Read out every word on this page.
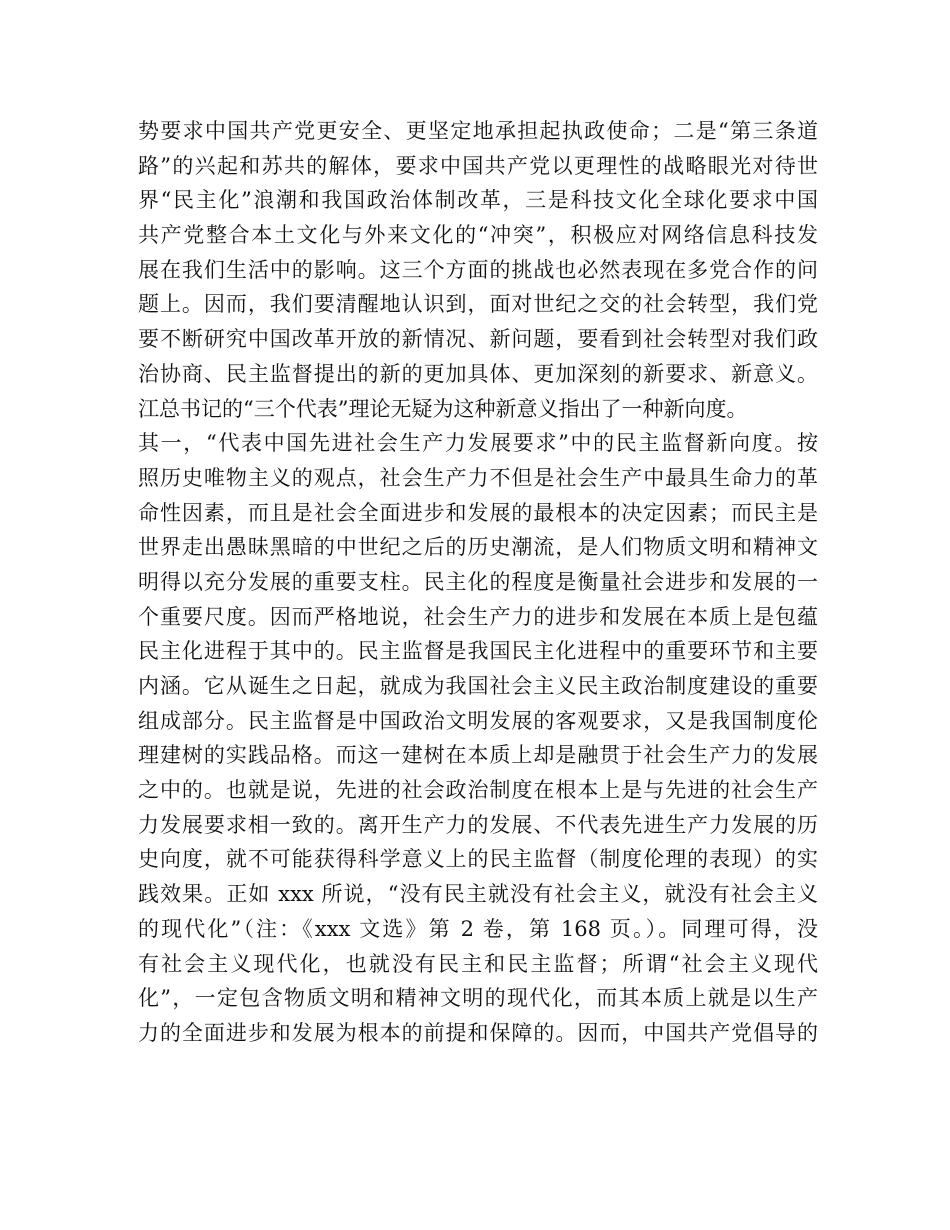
势要求中国共产党更安全、更坚定地承担起执政使命；二是“第三条道
路”的兴起和苏共的解体，要求中国共产党以更理性的战略眼光对待世
界“民主化”浪潮和我国政治体制改革，三是科技文化全球化要求中国
共产党整合本土文化与外来文化的“冲突”，积极应对网络信息科技发
展在我们生活中的影响。这三个方面的挑战也必然表现在多党合作的问
题上。因而，我们要清醒地认识到，面对世纪之交的社会转型，我们党
要不断研究中国改革开放的新情况、新问题，要看到社会转型对我们政
治协商、民主监督提出的新的更加具体、更加深刻的新要求、新意义。
江总书记的“三个代表”理论无疑为这种新意义指出了一种新向度。
其一，“代表中国先进社会生产力发展要求”中的民主监督新向度。按
照历史唯物主义的观点，社会生产力不但是社会生产中最具生命力的革
命性因素，而且是社会全面进步和发展的最根本的决定因素；而民主是
世界走出愚昧黑暗的中世纪之后的历史潮流，是人们物质文明和精神文
明得以充分发展的重要支柱。民主化的程度是衡量社会进步和发展的一
个重要尺度。因而严格地说，社会生产力的进步和发展在本质上是包蕴
民主化进程于其中的。民主监督是我国民主化进程中的重要环节和主要
内涵。它从诞生之日起，就成为我国社会主义民主政治制度建设的重要
组成部分。民主监督是中国政治文明发展的客观要求，又是我国制度伦
理建树的实践品格。而这一建树在本质上却是融贯于社会生产力的发展
之中的。也就是说，先进的社会政治制度在根本上是与先进的社会生产
力发展要求相一致的。离开生产力的发展、不代表先进生产力发展的历
史向度，就不可能获得科学意义上的民主监督（制度伦理的表现）的实
践效果。正如 xxx 所说，“没有民主就没有社会主义，就没有社会主义
的现代化”（注：《xxx 文选》第 2 卷，第 168 页。）。同理可得，没
有社会主义现代化，也就没有民主和民主监督；所谓“社会主义现代
化”，一定包含物质文明和精神文明的现代化，而其本质上就是以生产
力的全面进步和发展为根本的前提和保障的。因而，中国共产党倡导的
